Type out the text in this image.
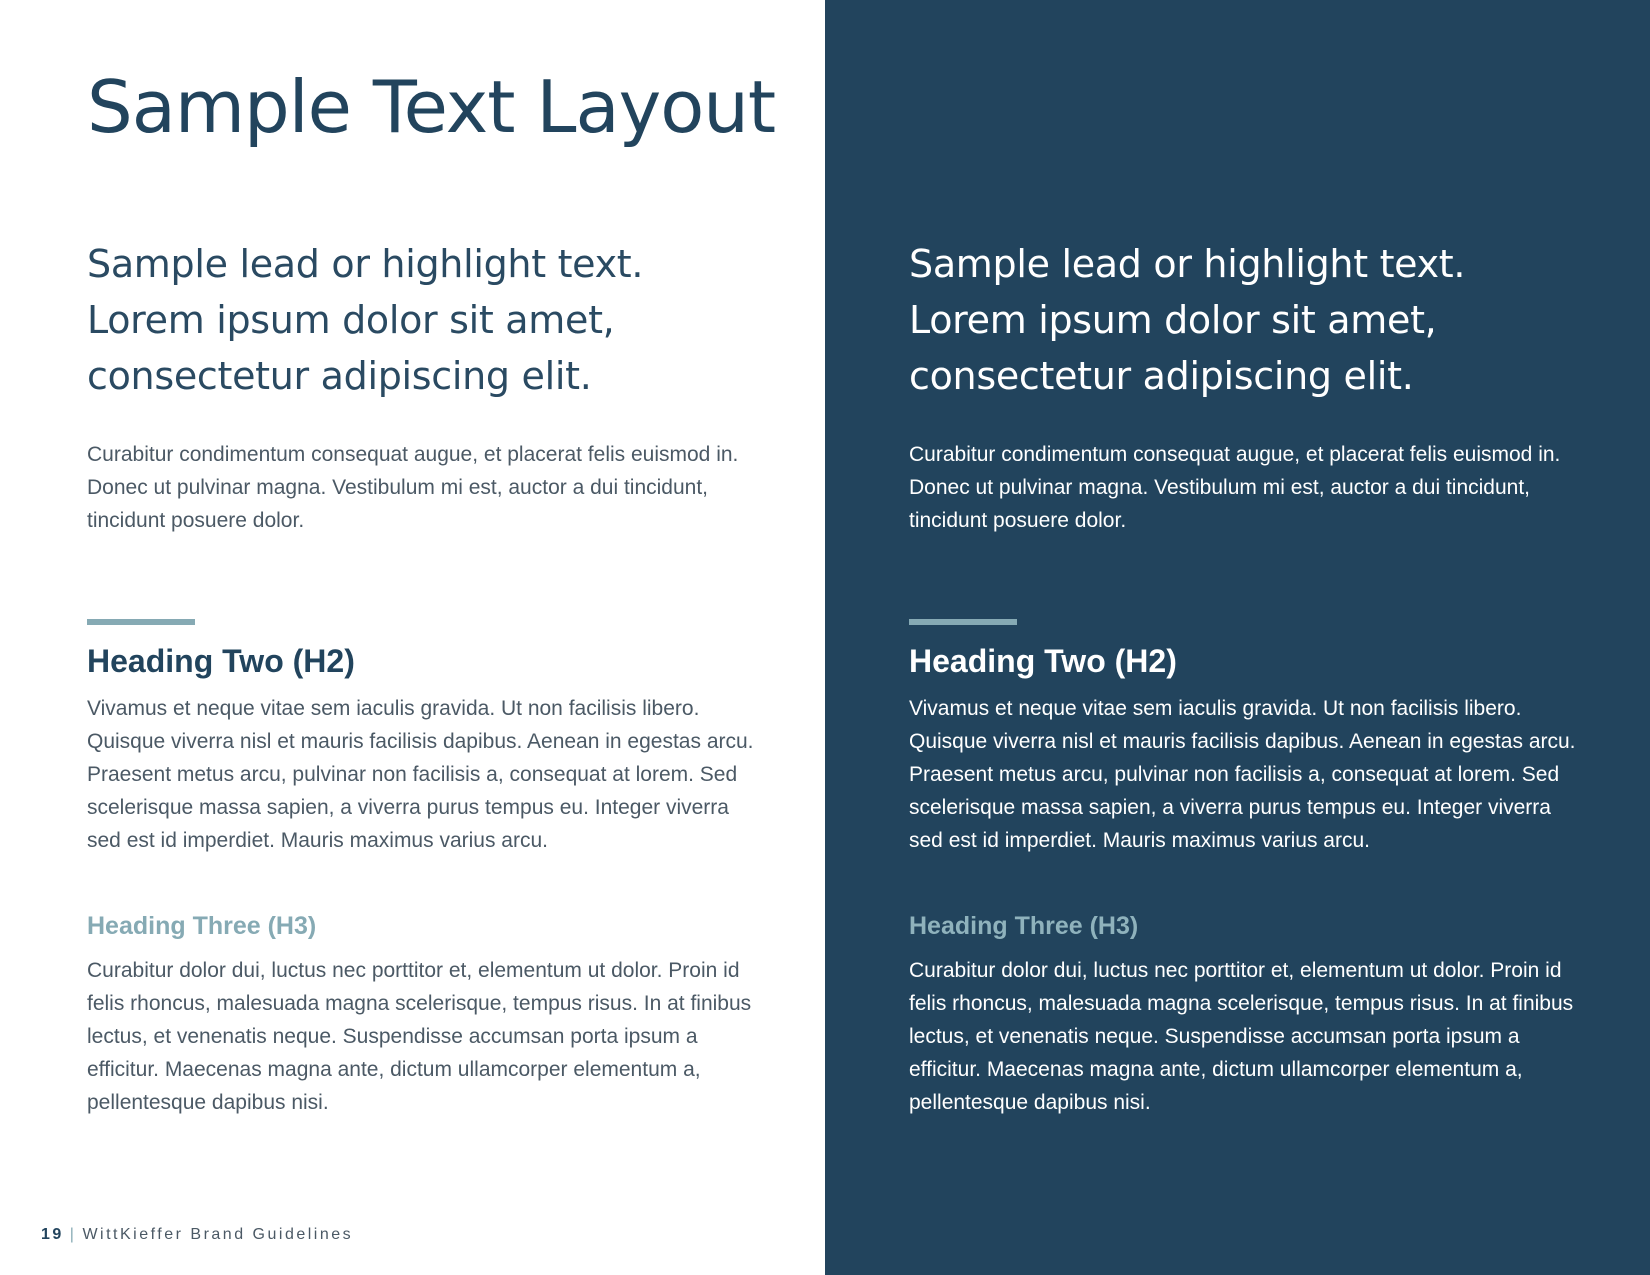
Sample Text Layout

Sample lead or highlight text. Lorem ipsum dolor sit amet, consectetur adipiscing elit.

Curabitur condimentum consequat augue, et placerat felis euismod in. Donec ut pulvinar magna. Vestibulum mi est, auctor a dui tincidunt, tincidunt posuere dolor.

Heading Two (H2)

Vivamus et neque vitae sem iaculis gravida. Ut non facilisis libero. Quisque viverra nisl et mauris facilisis dapibus. Aenean in egestas arcu. Praesent metus arcu, pulvinar non facilisis a, consequat at lorem. Sed scelerisque massa sapien, a viverra purus tempus eu. Integer viverra sed est id imperdiet. Mauris maximus varius arcu.

Heading Three (H3)

Curabitur dolor dui, luctus nec porttitor et, elementum ut dolor. Proin id felis rhoncus, malesuada magna scelerisque, tempus risus. In at finibus lectus, et venenatis neque. Suspendisse accumsan porta ipsum a efficitur. Maecenas magna ante, dictum ullamcorper elementum a, pellentesque dapibus nisi.

19 | WittKieffer Brand Guidelines

Sample lead or highlight text. Lorem ipsum dolor sit amet, consectetur adipiscing elit.

Curabitur condimentum consequat augue, et placerat felis euismod in. Donec ut pulvinar magna. Vestibulum mi est, auctor a dui tincidunt, tincidunt posuere dolor.

Heading Two (H2)

Vivamus et neque vitae sem iaculis gravida. Ut non facilisis libero. Quisque viverra nisl et mauris facilisis dapibus. Aenean in egestas arcu. Praesent metus arcu, pulvinar non facilisis a, consequat at lorem. Sed scelerisque massa sapien, a viverra purus tempus eu. Integer viverra sed est id imperdiet. Mauris maximus varius arcu.

Heading Three (H3)

Curabitur dolor dui, luctus nec porttitor et, elementum ut dolor. Proin id felis rhoncus, malesuada magna scelerisque, tempus risus. In at finibus lectus, et venenatis neque. Suspendisse accumsan porta ipsum a efficitur. Maecenas magna ante, dictum ullamcorper elementum a, pellentesque dapibus nisi.
